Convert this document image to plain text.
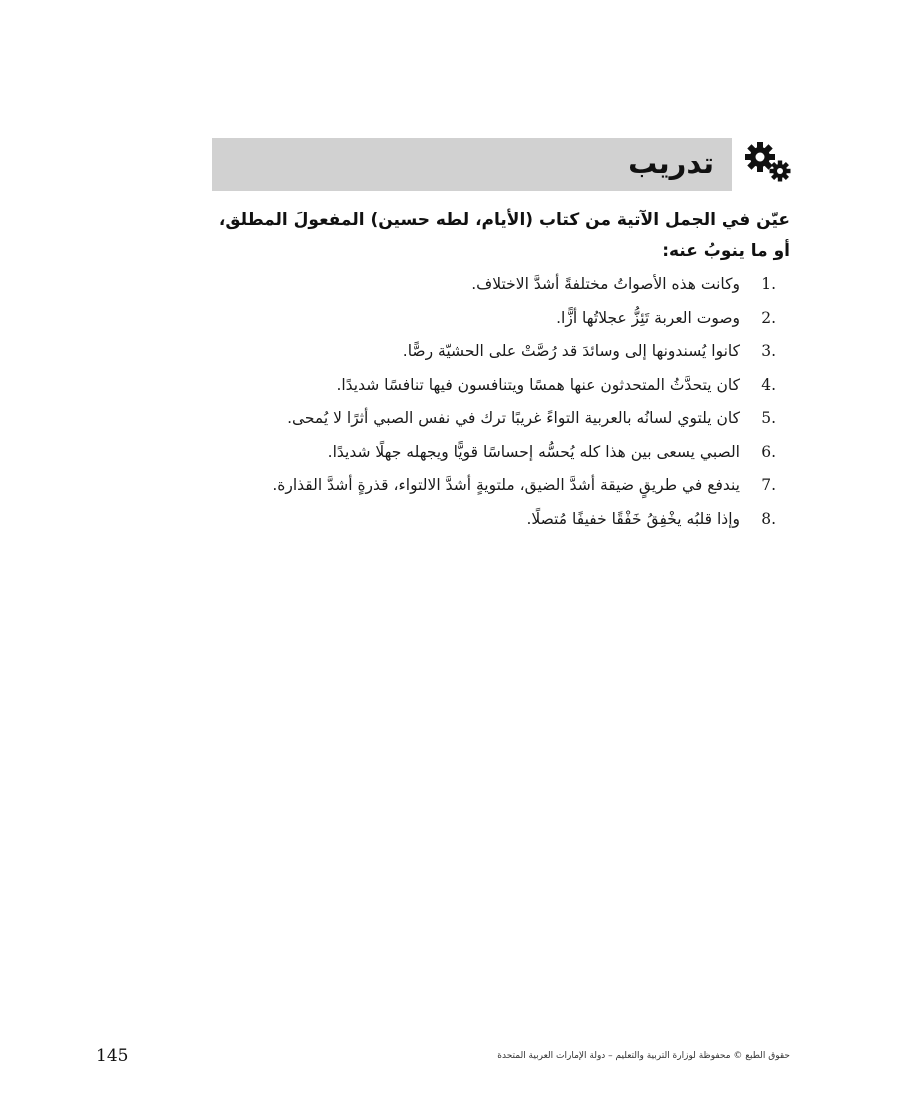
تدريب
عيّن في الجمل الآتية من كتاب (الأيام، لطه حسين) المفعولَ المطلق، أو ما ينوبُ عنه:
1.وكانت هذه الأصواتُ مختلفةً أشدَّ الاختلاف.
2.وصوت العربة تَئِزُّ عجلاتُها أزًّا.
3.كانوا يُسندونها إلى وسائدَ قد رُصَّتْ على الحشيّة رصًّا.
4.كان يتحدَّثُ المتحدثون عنها همسًا ويتنافسون فيها تنافسًا شديدًا.
5.كان يلتوي لسانُه بالعربية التواءً غريبًا ترك في نفس الصبي أثرًا لا يُمحى.
6.الصبي يسعى بين هذا كله يُحسُّه إحساسًا قويًّا ويجهله جهلًا شديدًا.
7.يندفع في طريقٍ ضيقة أشدَّ الضيق، ملتويةٍ أشدَّ الالتواء، قذرةٍ أشدَّ القذارة.
8.وإذا قلبُه يخْفِقُ خَفْقًا خفيفًا مُتصلًا.
حقوق الطبع © محفوظة لوزارة التربية والتعليم – دولة الإمارات العربية المتحدة
145
